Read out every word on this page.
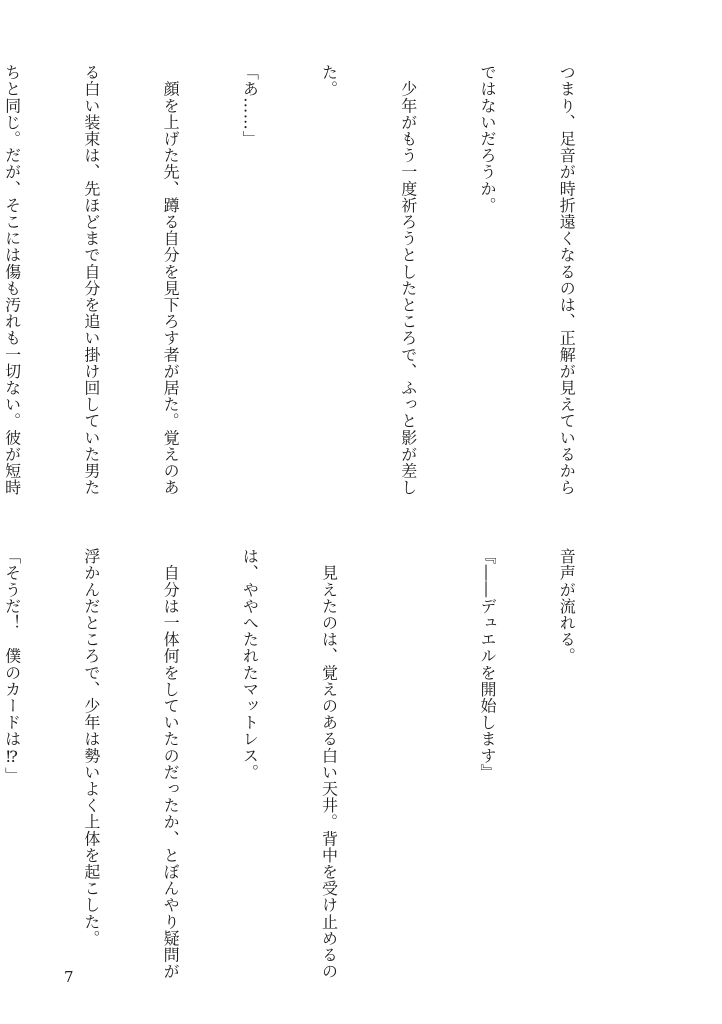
つまり、足音が時折遠くなるのは、正解が見えているから

ではないだろうか。

　少年がもう一度祈ろうとしたところで、ふっと影が差し

た。

「あ……」

　顔を上げた先、蹲る自分を見下ろす者が居た。覚えのあ

る白い装束は、先ほどまで自分を追い掛け回していた男た

ちと同じ。だが、そこには傷も汚れも一切ない。彼が短時

音声が流れる。

『――デュエルを開始します』

　見えたのは、覚えのある白い天井。背中を受け止めるの

は、ややへたれたマットレス。

　自分は一体何をしていたのだったか、とぼんやり疑問が

浮かんだところで、少年は勢いよく上体を起こした。

「そうだ！　僕のカードは⁉」

7
